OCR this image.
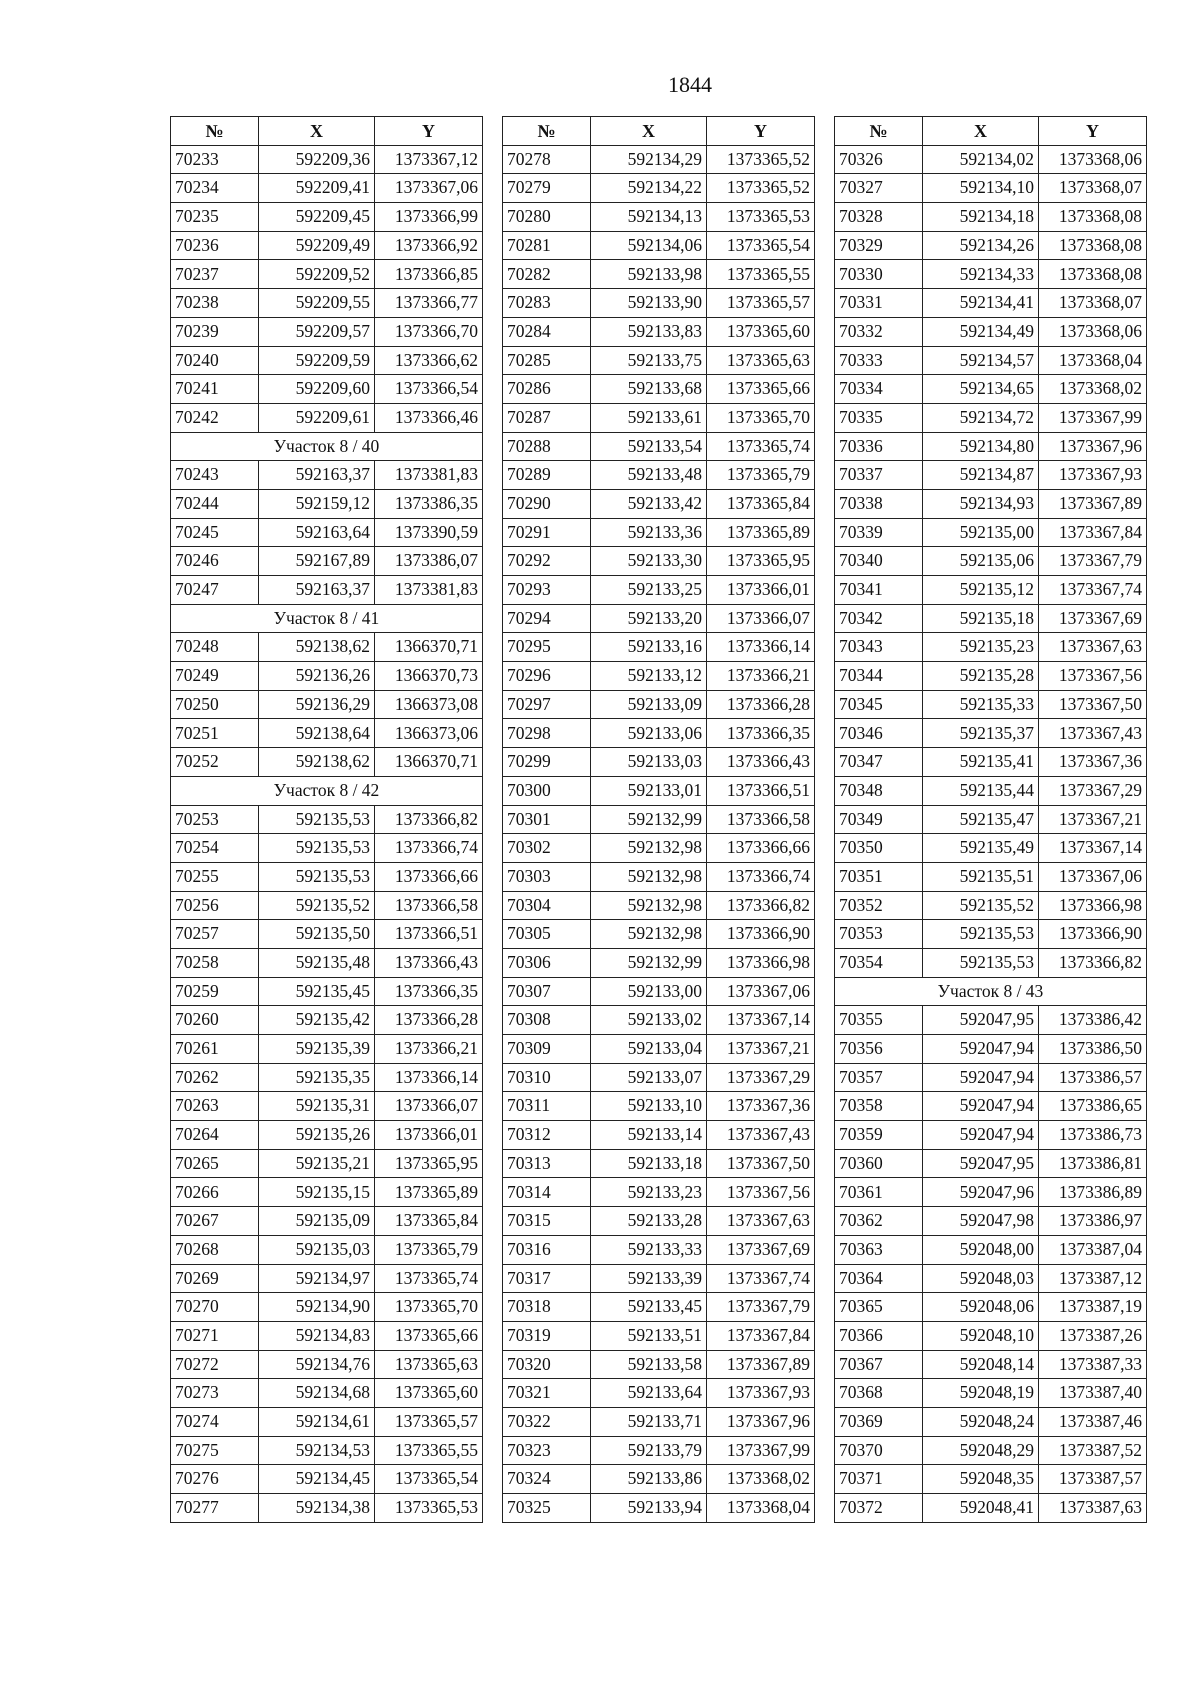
1844
№	X	Y
70233	592209,36	1373367,12
70234	592209,41	1373367,06
70235	592209,45	1373366,99
70236	592209,49	1373366,92
70237	592209,52	1373366,85
70238	592209,55	1373366,77
70239	592209,57	1373366,70
70240	592209,59	1373366,62
70241	592209,60	1373366,54
70242	592209,61	1373366,46
Участок 8 / 40		
70243	592163,37	1373381,83
70244	592159,12	1373386,35
70245	592163,64	1373390,59
70246	592167,89	1373386,07
70247	592163,37	1373381,83
Участок 8 / 41		
70248	592138,62	1366370,71
70249	592136,26	1366370,73
70250	592136,29	1366373,08
70251	592138,64	1366373,06
70252	592138,62	1366370,71
Участок 8 / 42		
70253	592135,53	1373366,82
70254	592135,53	1373366,74
70255	592135,53	1373366,66
70256	592135,52	1373366,58
70257	592135,50	1373366,51
70258	592135,48	1373366,43
70259	592135,45	1373366,35
70260	592135,42	1373366,28
70261	592135,39	1373366,21
70262	592135,35	1373366,14
70263	592135,31	1373366,07
70264	592135,26	1373366,01
70265	592135,21	1373365,95
70266	592135,15	1373365,89
70267	592135,09	1373365,84
70268	592135,03	1373365,79
70269	592134,97	1373365,74
70270	592134,90	1373365,70
70271	592134,83	1373365,66
70272	592134,76	1373365,63
70273	592134,68	1373365,60
70274	592134,61	1373365,57
70275	592134,53	1373365,55
70276	592134,45	1373365,54
70277	592134,38	1373365,53
№	X	Y
70278	592134,29	1373365,52
70279	592134,22	1373365,52
70280	592134,13	1373365,53
70281	592134,06	1373365,54
70282	592133,98	1373365,55
70283	592133,90	1373365,57
70284	592133,83	1373365,60
70285	592133,75	1373365,63
70286	592133,68	1373365,66
70287	592133,61	1373365,70
70288	592133,54	1373365,74
70289	592133,48	1373365,79
70290	592133,42	1373365,84
70291	592133,36	1373365,89
70292	592133,30	1373365,95
70293	592133,25	1373366,01
70294	592133,20	1373366,07
70295	592133,16	1373366,14
70296	592133,12	1373366,21
70297	592133,09	1373366,28
70298	592133,06	1373366,35
70299	592133,03	1373366,43
70300	592133,01	1373366,51
70301	592132,99	1373366,58
70302	592132,98	1373366,66
70303	592132,98	1373366,74
70304	592132,98	1373366,82
70305	592132,98	1373366,90
70306	592132,99	1373366,98
70307	592133,00	1373367,06
70308	592133,02	1373367,14
70309	592133,04	1373367,21
70310	592133,07	1373367,29
70311	592133,10	1373367,36
70312	592133,14	1373367,43
70313	592133,18	1373367,50
70314	592133,23	1373367,56
70315	592133,28	1373367,63
70316	592133,33	1373367,69
70317	592133,39	1373367,74
70318	592133,45	1373367,79
70319	592133,51	1373367,84
70320	592133,58	1373367,89
70321	592133,64	1373367,93
70322	592133,71	1373367,96
70323	592133,79	1373367,99
70324	592133,86	1373368,02
70325	592133,94	1373368,04
№	X	Y
70326	592134,02	1373368,06
70327	592134,10	1373368,07
70328	592134,18	1373368,08
70329	592134,26	1373368,08
70330	592134,33	1373368,08
70331	592134,41	1373368,07
70332	592134,49	1373368,06
70333	592134,57	1373368,04
70334	592134,65	1373368,02
70335	592134,72	1373367,99
70336	592134,80	1373367,96
70337	592134,87	1373367,93
70338	592134,93	1373367,89
70339	592135,00	1373367,84
70340	592135,06	1373367,79
70341	592135,12	1373367,74
70342	592135,18	1373367,69
70343	592135,23	1373367,63
70344	592135,28	1373367,56
70345	592135,33	1373367,50
70346	592135,37	1373367,43
70347	592135,41	1373367,36
70348	592135,44	1373367,29
70349	592135,47	1373367,21
70350	592135,49	1373367,14
70351	592135,51	1373367,06
70352	592135,52	1373366,98
70353	592135,53	1373366,90
70354	592135,53	1373366,82
Участок 8 / 43		
70355	592047,95	1373386,42
70356	592047,94	1373386,50
70357	592047,94	1373386,57
70358	592047,94	1373386,65
70359	592047,94	1373386,73
70360	592047,95	1373386,81
70361	592047,96	1373386,89
70362	592047,98	1373386,97
70363	592048,00	1373387,04
70364	592048,03	1373387,12
70365	592048,06	1373387,19
70366	592048,10	1373387,26
70367	592048,14	1373387,33
70368	592048,19	1373387,40
70369	592048,24	1373387,46
70370	592048,29	1373387,52
70371	592048,35	1373387,57
70372	592048,41	1373387,63
